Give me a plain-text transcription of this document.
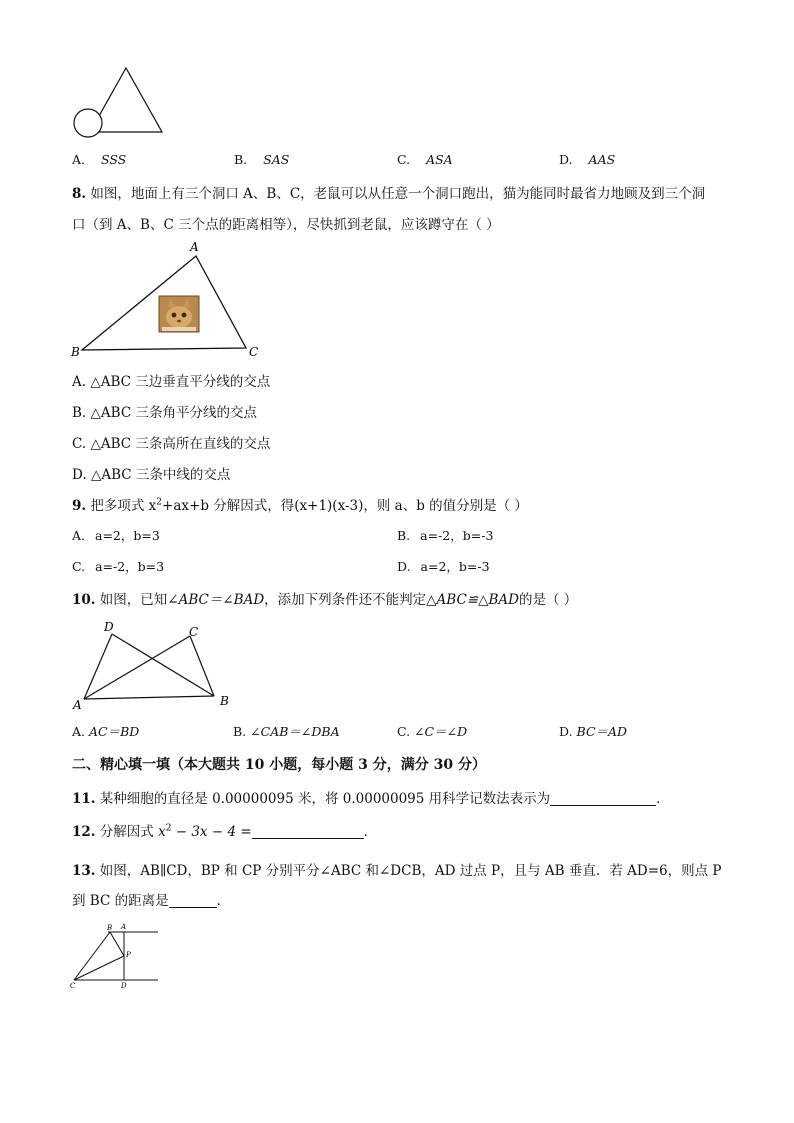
A. SSS	B. SAS	C. ASA	D. AAS
8. 如图，地面上有三个洞口 A、B、C，老鼠可以从任意一个洞口跑出，猫为能同时最省力地顾及到三个洞
口（到 A、B、C 三个点的距离相等），尽快抓到老鼠，应该蹲守在（ ）
A
B	C
A. △ABC 三边垂直平分线的交点
B. △ABC 三条角平分线的交点
C. △ABC 三条高所在直线的交点
D. △ABC 三条中线的交点
9. 把多项式 $x^2+ax+b$ 分解因式，得(x+1)(x-3)，则 a、b 的值分别是（ ）
A. a=2，b=3	B. a=-2，b=-3
C. a=-2，b=3	D. a=2，b=-3
10. 如图，已知∠ABC＝∠BAD，添加下列条件还不能判定△ABC≌△BAD的是（ ）
D	C
A	B
A. AC＝BD	B. ∠CAB＝∠DBA	C. ∠C＝∠D	D. BC＝AD
二、精心填一填（本大题共 10 小题，每小题 3 分，满分 30 分）
11. 某种细胞的直径是 0.00000095 米，将 0.00000095 用科学记数法表示为	．
12. 分解因式 $x^2 - 3x - 4$ =	．
13. 如图，AB∥CD，BP 和 CP 分别平分∠ABC 和∠DCB，AD 过点 P，且与 AB 垂直．若 AD=6，则点 P
到 BC 的距离是	．
B A
P
C	D
